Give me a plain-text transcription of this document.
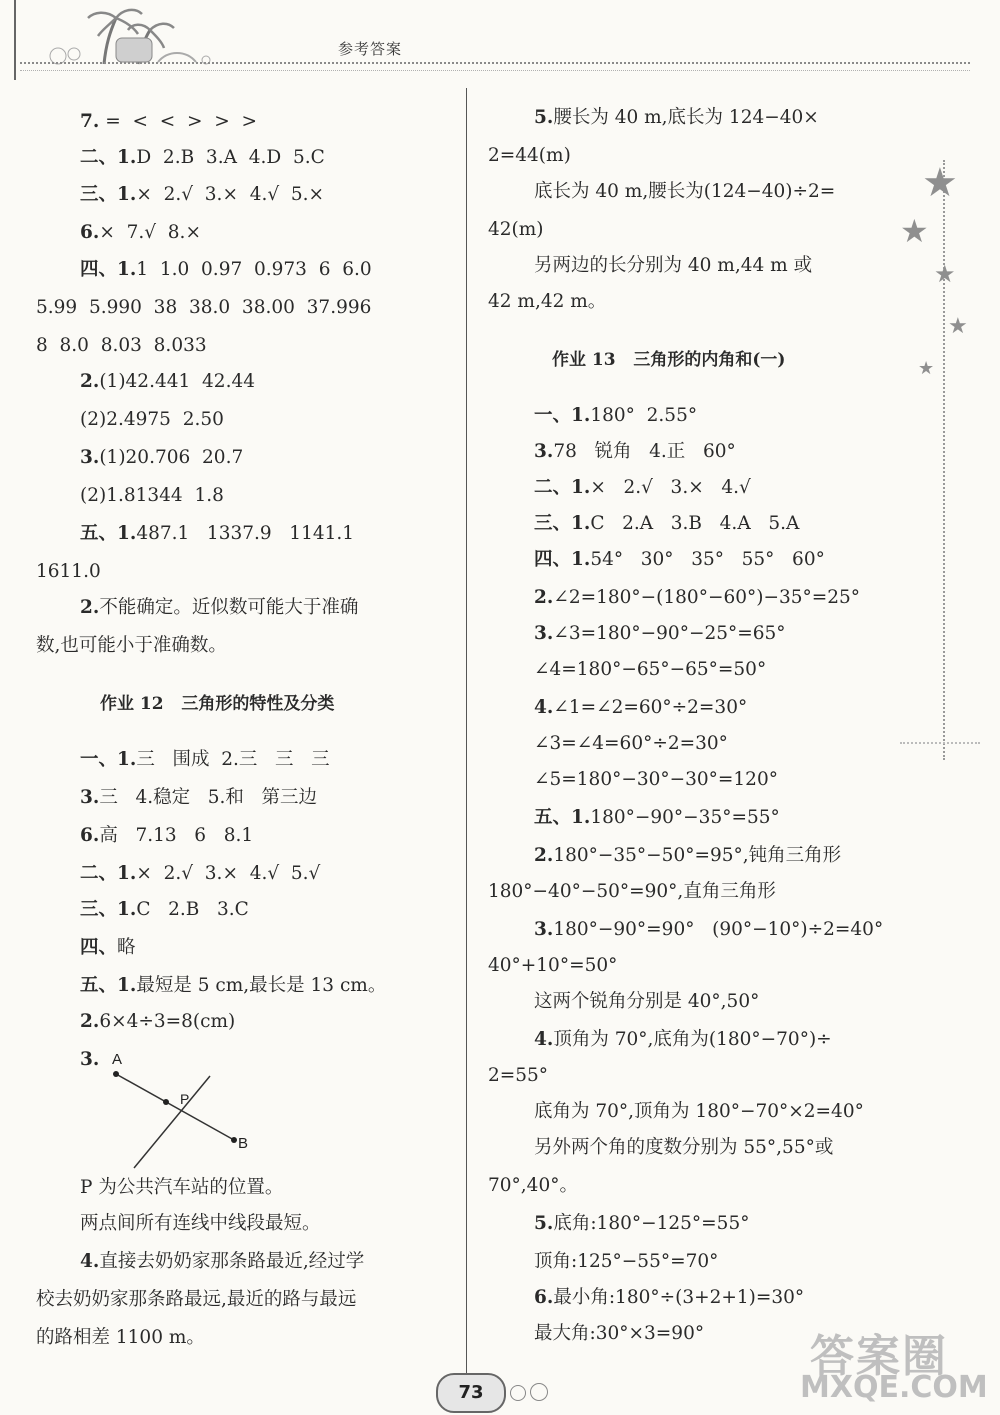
参考答案
★
★
★
★
★
7. =  <  <  >  >  >
二、1.D  2.B  3.A  4.D  5.C
三、1.×  2.√  3.×  4.√  5.×
6.×  7.√  8.×
四、1.1  1.0  0.97  0.973  6  6.0
5.99  5.990  38  38.0  38.00  37.996
8  8.0  8.03  8.033
2.(1)42.441  42.44
(2)2.4975  2.50
3.(1)20.706  20.7
(2)1.81344  1.8
五、1.487.1   1337.9   1141.1
1611.0
2.不能确定。近似数可能大于准确
数,也可能小于准确数。
作业 12   三角形的特性及分类
一、1.三   围成  2.三   三   三
3.三   4.稳定   5.和   第三边
6.高   7.13   6   8.1
二、1.×  2.√  3.×  4.√  5.√
三、1.C   2.B   3.C
四、略
五、1.最短是 5 cm,最长是 13 cm。
2.6×4÷3=8(cm)
3.
P 为公共汽车站的位置。
两点间所有连线中线段最短。
4.直接去奶奶家那条路最近,经过学
校去奶奶家那条路最远,最近的路与最远
的路相差 1100 m。
A
B
P
5.腰长为 40 m,底长为 124−40×
2=44(m)
底长为 40 m,腰长为(124−40)÷2=
42(m)
另两边的长分别为 40 m,44 m 或
42 m,42 m。
作业 13   三角形的内角和(一)
一、1.180°  2.55°
3.78   锐角   4.正   60°
二、1.×   2.√   3.×   4.√
三、1.C   2.A   3.B   4.A   5.A
四、1.54°   30°   35°   55°   60°
2.∠2=180°−(180°−60°)−35°=25°
3.∠3=180°−90°−25°=65°
∠4=180°−65°−65°=50°
4.∠1=∠2=60°÷2=30°
∠3=∠4=60°÷2=30°
∠5=180°−30°−30°=120°
五、1.180°−90°−35°=55°
2.180°−35°−50°=95°,钝角三角形
180°−40°−50°=90°,直角三角形
3.180°−90°=90°   (90°−10°)÷2=40°
40°+10°=50°
这两个锐角分别是 40°,50°
4.顶角为 70°,底角为(180°−70°)÷
2=55°
底角为 70°,顶角为 180°−70°×2=40°
另外两个角的度数分别为 55°,55°或
70°,40°。
5.底角:180°−125°=55°
顶角:125°−55°=70°
6.最小角:180°÷(3+2+1)=30°
最大角:30°×3=90°
73
答案圈
MXQE.COM
